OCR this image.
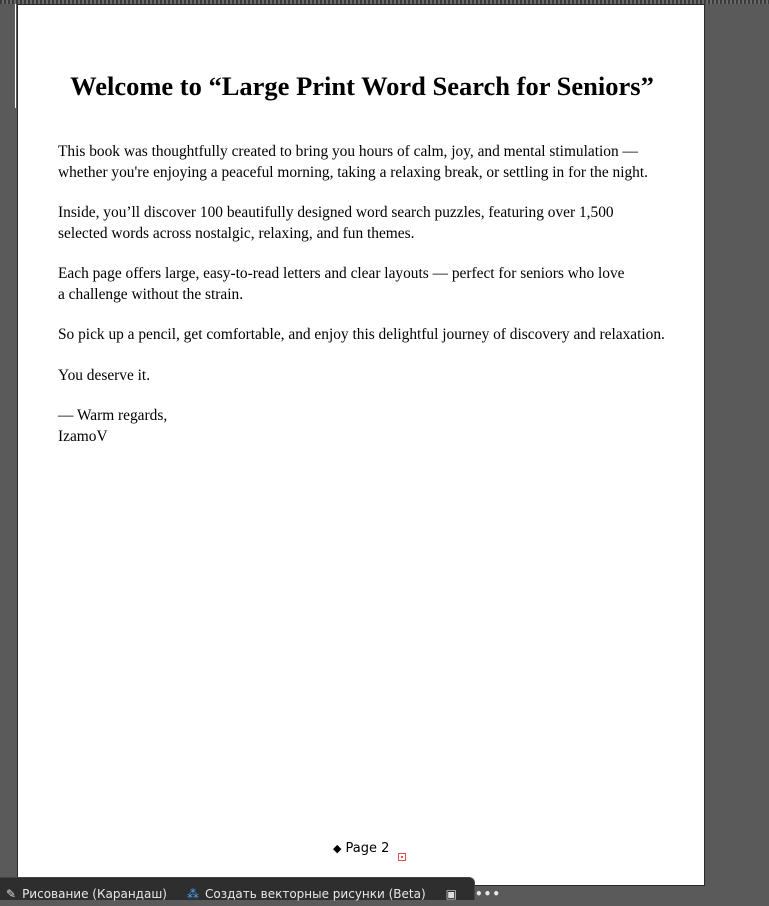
Welcome to “Large Print Word Search for Seniors”

This book was thoughtfully created to bring you hours of calm, joy, and mental stimulation —
whether you're enjoying a peaceful morning, taking a relaxing break, or settling in for the night.

Inside, you’ll discover 100 beautifully designed word search puzzles, featuring over 1,500
selected words across nostalgic, relaxing, and fun themes.

Each page offers large, easy-to-read letters and clear layouts — perfect for seniors who love
a challenge without the strain.

So pick up a pencil, get comfortable, and enjoy this delightful journey of discovery and relaxation.

You deserve it.

— Warm regards,
IzamoV

◆ Page 2
✎ Рисование (Карандаш) ⁂ Создать векторные рисунки (Beta) ▣ •••
